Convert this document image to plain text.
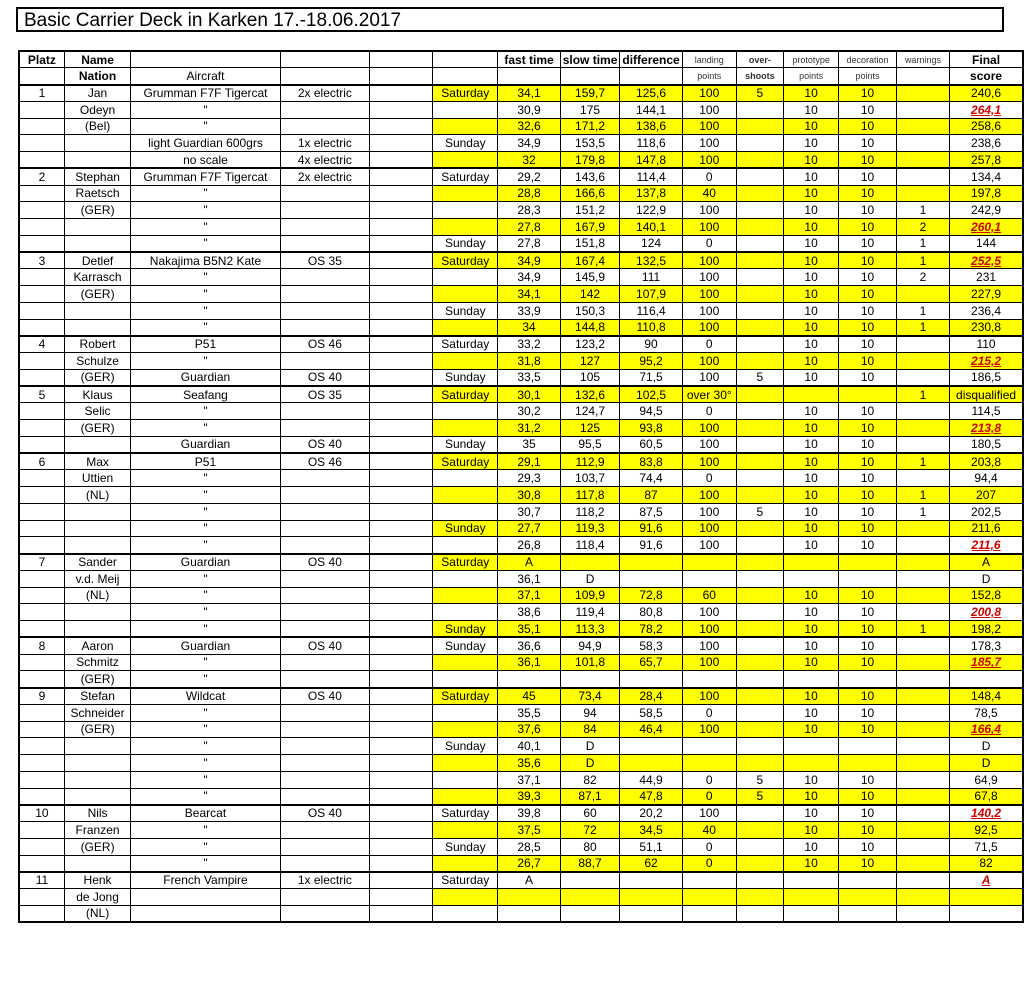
Basic Carrier Deck in Karken 17.-18.06.2017
Platz	Name					fast time	slow time	difference	landing	over-	prototype	decoration	warnings	Final
	Nation	Aircraft							points	shoots	points	points		score
1	Jan	Grumman F7F Tigercat	2x electric		Saturday	34,1	159,7	125,6	100	5	10	10		240,6
	Odeyn	"				30,9	175	144,1	100		10	10		264,1
	(Bel)	"				32,6	171,2	138,6	100		10	10		258,6
		light Guardian 600grs	1x electric		Sunday	34,9	153,5	118,6	100		10	10		238,6
		no scale	4x electric			32	179,8	147,8	100		10	10		257,8
2	Stephan	Grumman F7F Tigercat	2x electric		Saturday	29,2	143,6	114,4	0		10	10		134,4
	Raetsch	"				28,8	166,6	137,8	40		10	10		197,8
	(GER)	"				28,3	151,2	122,9	100		10	10	1	242,9
		"				27,8	167,9	140,1	100		10	10	2	260,1
		"			Sunday	27,8	151,8	124	0		10	10	1	144
3	Detlef	Nakajima B5N2 Kate	OS 35		Saturday	34,9	167,4	132,5	100		10	10	1	252,5
	Karrasch	"				34,9	145,9	111	100		10	10	2	231
	(GER)	"				34,1	142	107,9	100		10	10		227,9
		"			Sunday	33,9	150,3	116,4	100		10	10	1	236,4
		"				34	144,8	110,8	100		10	10	1	230,8
4	Robert	P51	OS 46		Saturday	33,2	123,2	90	0		10	10		110
	Schulze	"				31,8	127	95,2	100		10	10		215,2
	(GER)	Guardian	OS 40		Sunday	33,5	105	71,5	100	5	10	10		186,5
5	Klaus	Seafang	OS 35		Saturday	30,1	132,6	102,5	over 30°				1	disqualified
	Selic	"				30,2	124,7	94,5	0		10	10		114,5
	(GER)	"				31,2	125	93,8	100		10	10		213,8
		Guardian	OS 40		Sunday	35	95,5	60,5	100		10	10		180,5
6	Max	P51	OS 46		Saturday	29,1	112,9	83,8	100		10	10	1	203,8
	Uttien	"				29,3	103,7	74,4	0		10	10		94,4
	(NL)	"				30,8	117,8	87	100		10	10	1	207
		"				30,7	118,2	87,5	100	5	10	10	1	202,5
		"			Sunday	27,7	119,3	91,6	100		10	10		211,6
		"				26,8	118,4	91,6	100		10	10		211,6
7	Sander	Guardian	OS 40		Saturday	A								A
	v.d. Meij	"				36,1	D							D
	(NL)	"				37,1	109,9	72,8	60		10	10		152,8
		"				38,6	119,4	80,8	100		10	10		200,8
		"			Sunday	35,1	113,3	78,2	100		10	10	1	198,2
8	Aaron	Guardian	OS 40		Sunday	36,6	94,9	58,3	100		10	10		178,3
	Schmitz	"				36,1	101,8	65,7	100		10	10		185,7
	(GER)	"												
9	Stefan	Wildcat	OS 40		Saturday	45	73,4	28,4	100		10	10		148,4
	Schneider	"				35,5	94	58,5	0		10	10		78,5
	(GER)	"				37,6	84	46,4	100		10	10		166,4
		"			Sunday	40,1	D							D
		"				35,6	D							D
		"				37,1	82	44,9	0	5	10	10		64,9
		"				39,3	87,1	47,8	0	5	10	10		67,8
10	Nils	Bearcat	OS 40		Saturday	39,8	60	20,2	100		10	10		140,2
	Franzen	"				37,5	72	34,5	40		10	10		92,5
	(GER)	"			Sunday	28,5	80	51,1	0		10	10		71,5
		"				26,7	88,7	62	0		10	10		82
11	Henk	French Vampire	1x electric		Saturday	A								A
	de Jong													
	(NL)													
